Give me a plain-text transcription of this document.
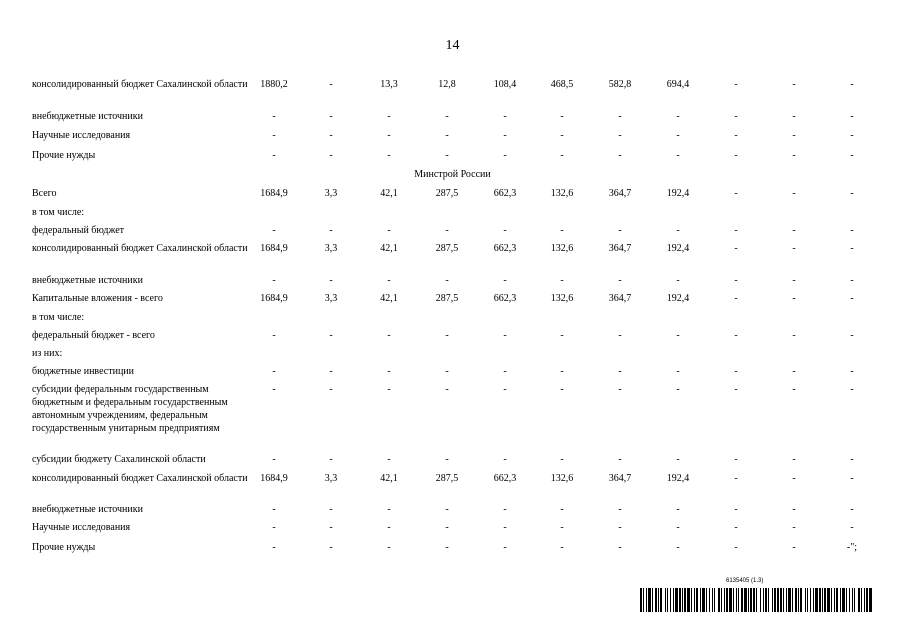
14
консолидированный бюджет Сахалинской области	1880,2	-	13,3	12,8	108,4	468,5	582,8	694,4	-	-	-
внебюджетные источники	-	-	-	-	-	-	-	-	-	-	-
Научные исследования	-	-	-	-	-	-	-	-	-	-	-
Прочие нужды	-	-	-	-	-	-	-	-	-	-	-
Всего	1684,9	3,3	42,1	287,5	662,3	132,6	364,7	192,4	-	-	-
в том числе:
федеральный бюджет	-	-	-	-	-	-	-	-	-	-	-
консолидированный бюджет Сахалинской области	1684,9	3,3	42,1	287,5	662,3	132,6	364,7	192,4	-	-	-
внебюджетные источники	-	-	-	-	-	-	-	-	-	-	-
Капитальные вложения - всего	1684,9	3,3	42,1	287,5	662,3	132,6	364,7	192,4	-	-	-
в том числе:
федеральный бюджет - всего	-	-	-	-	-	-	-	-	-	-	-
из них:
бюджетные инвестиции	-	-	-	-	-	-	-	-	-	-	-
субсидии федеральным государственным бюджетным и федеральным государственным автономным учреждениям, федеральным государственным унитарным предприятиям
-	-	-	-	-	-	-	-	-	-	-
субсидии бюджету Сахалинской области	-	-	-	-	-	-	-	-	-	-	-
консолидированный бюджет Сахалинской области	1684,9	3,3	42,1	287,5	662,3	132,6	364,7	192,4	-	-	-
внебюджетные источники	-	-	-	-	-	-	-	-	-	-	-
Научные исследования	-	-	-	-	-	-	-	-	-	-	-
Прочие нужды	-	-	-	-	-	-	-	-	-	-	-";
Минстрой России
6135405 (1.3)
